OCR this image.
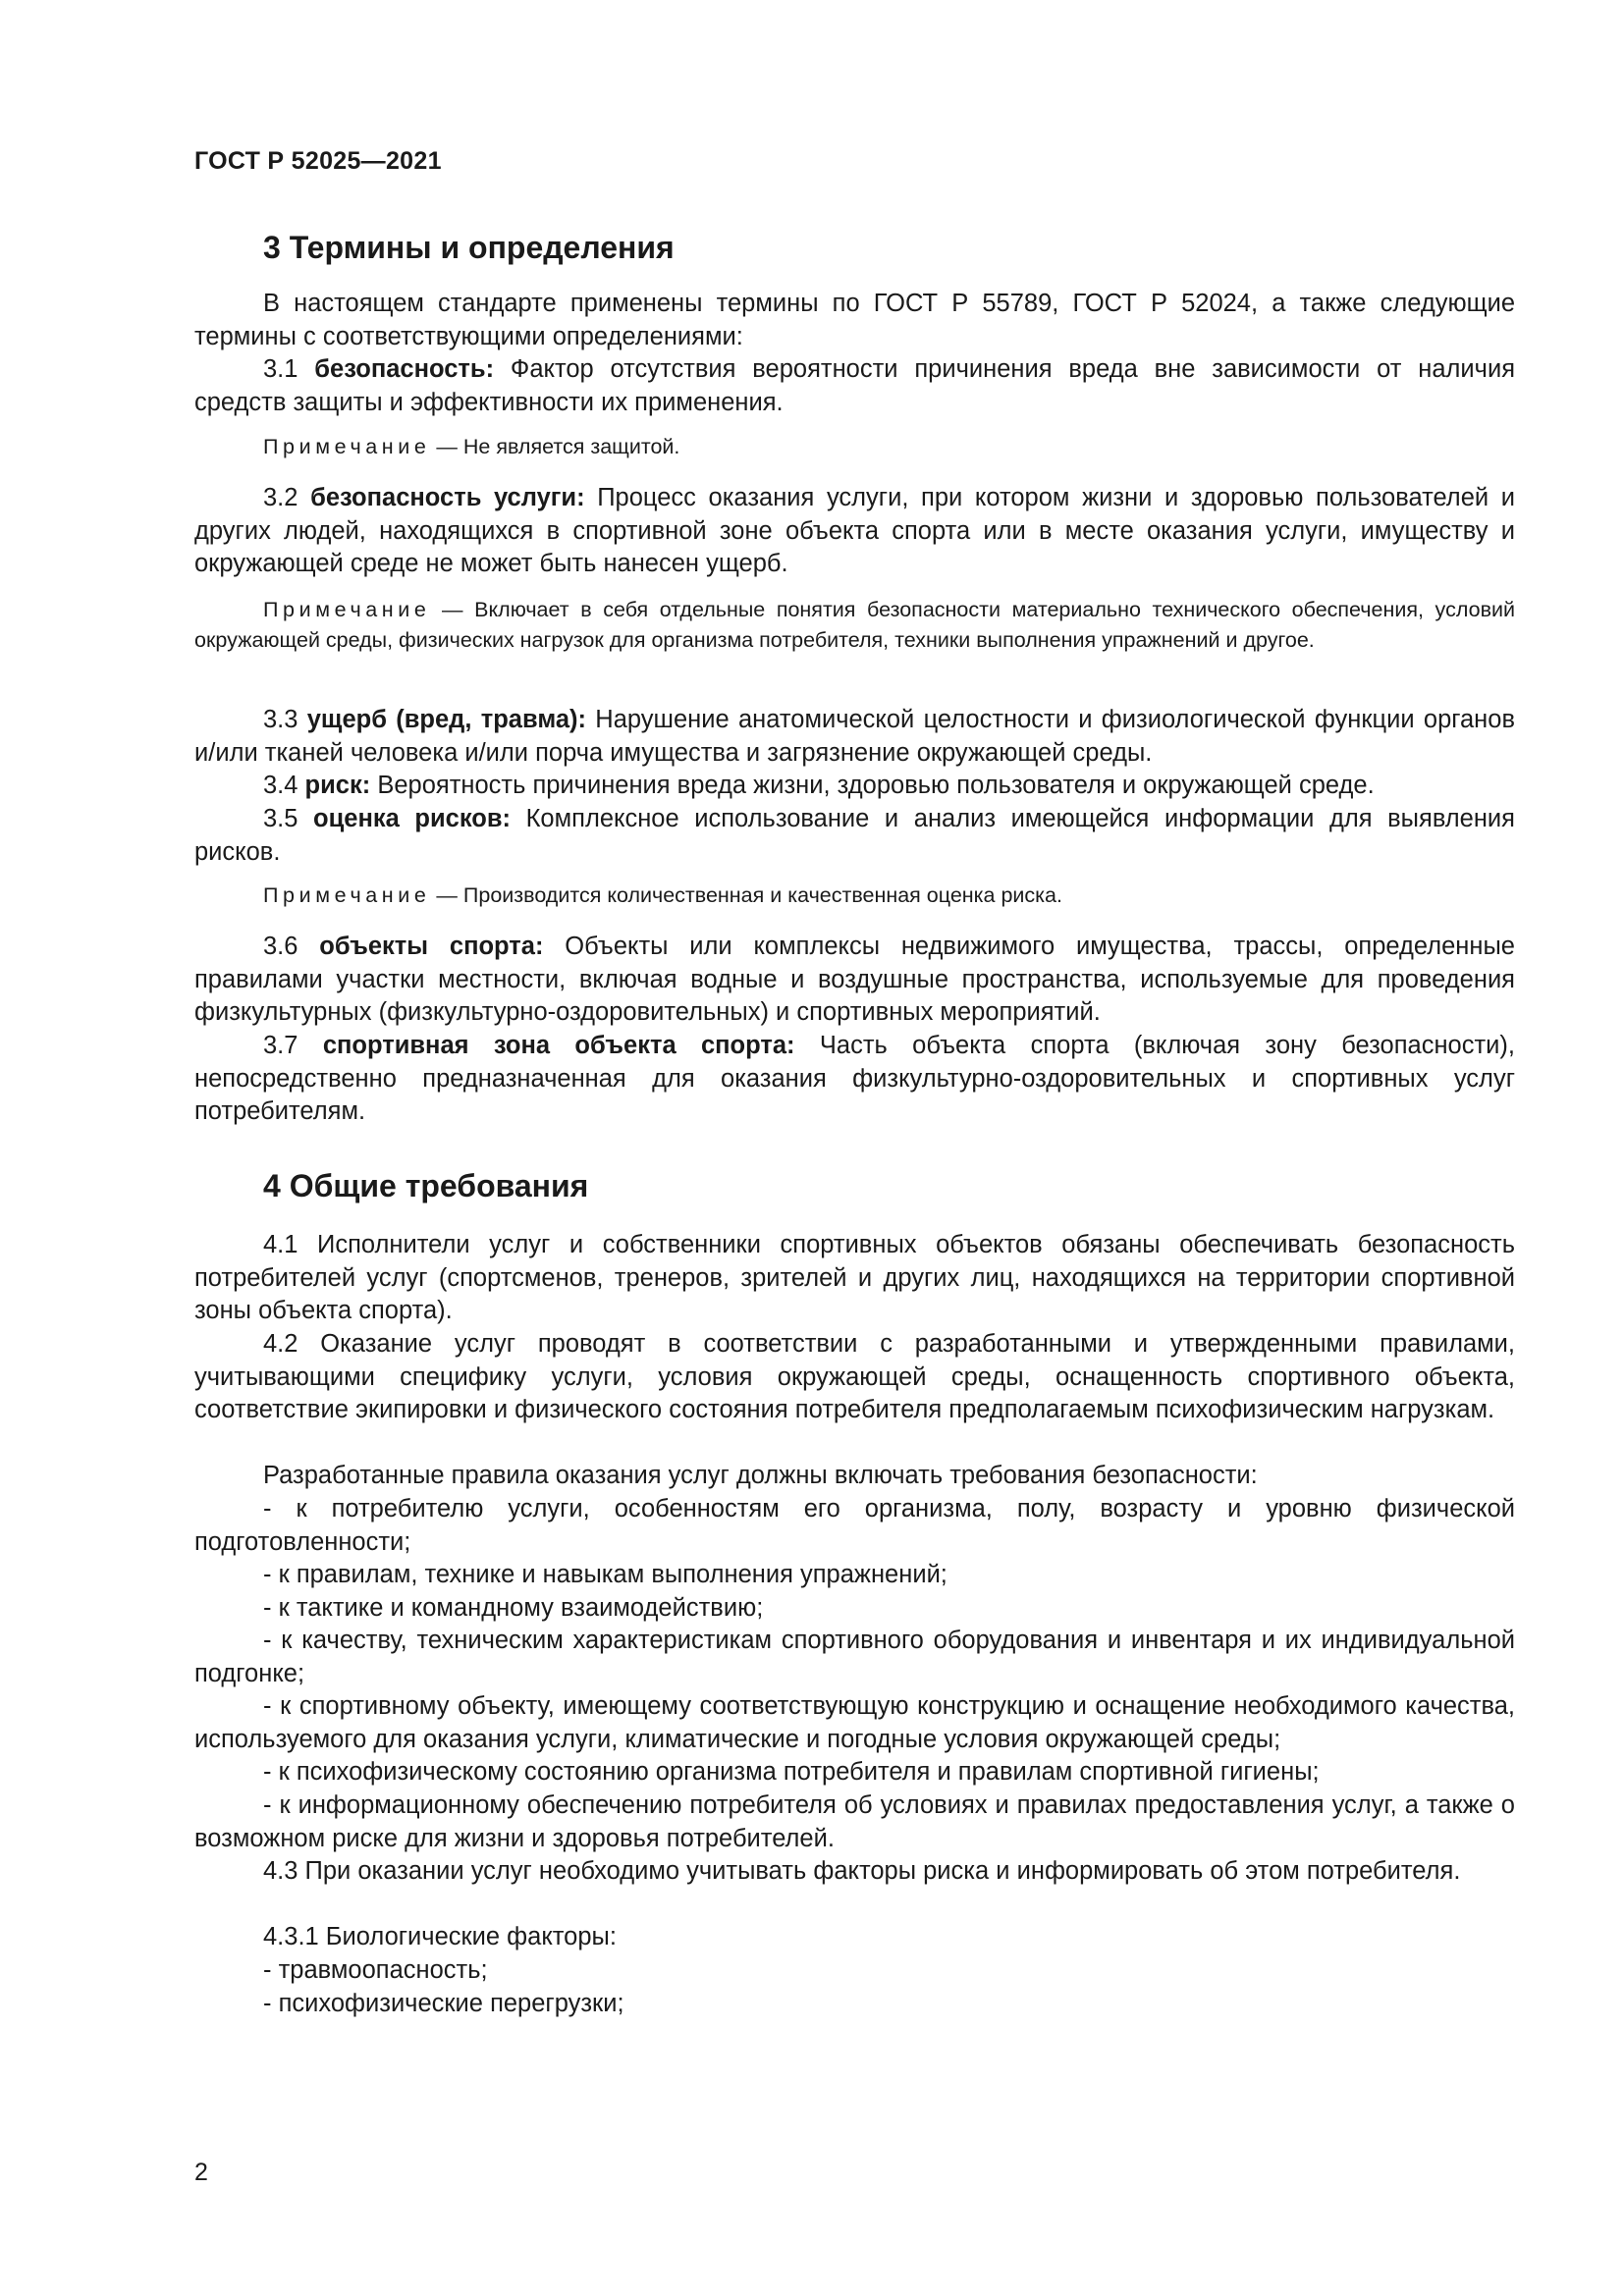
ГОСТ Р 52025—2021
3 Термины и определения

В настоящем стандарте применены термины по ГОСТ Р 55789, ГОСТ Р 52024, а также следующие термины с соответствующими определениями:

3.1 безопасность: Фактор отсутствия вероятности причинения вреда вне зависимости от наличия средств защиты и эффективности их применения.

Примечание — Не является защитой.

3.2 безопасность услуги: Процесс оказания услуги, при котором жизни и здоровью пользователей и других людей, находящихся в спортивной зоне объекта спорта или в месте оказания услуги, имуществу и окружающей среде не может быть нанесен ущерб.

Примечание — Включает в себя отдельные понятия безопасности материально технического обеспечения, условий окружающей среды, физических нагрузок для организма потребителя, техники выполнения упражнений и другое.

3.3 ущерб (вред, травма): Нарушение анатомической целостности и физиологической функции органов и/или тканей человека и/или порча имущества и загрязнение окружающей среды.

3.4 риск: Вероятность причинения вреда жизни, здоровью пользователя и окружающей среде.

3.5 оценка рисков: Комплексное использование и анализ имеющейся информации для выявления рисков.

Примечание — Производится количественная и качественная оценка риска.

3.6 объекты спорта: Объекты или комплексы недвижимого имущества, трассы, определенные правилами участки местности, включая водные и воздушные пространства, используемые для проведения физкультурных (физкультурно-оздоровительных) и спортивных мероприятий.

3.7 спортивная зона объекта спорта: Часть объекта спорта (включая зону безопасности), непосредственно предназначенная для оказания физкультурно-оздоровительных и спортивных услуг потребителям.

4 Общие требования

4.1 Исполнители услуг и собственники спортивных объектов обязаны обеспечивать безопасность потребителей услуг (спортсменов, тренеров, зрителей и других лиц, находящихся на территории спортивной зоны объекта спорта).

4.2 Оказание услуг проводят в соответствии с разработанными и утвержденными правилами, учитывающими специфику услуги, условия окружающей среды, оснащенность спортивного объекта, соответствие экипировки и физического состояния потребителя предполагаемым психофизическим нагрузкам.

Разработанные правила оказания услуг должны включать требования безопасности:

- к потребителю услуги, особенностям его организма, полу, возрасту и уровню физической подготовленности;

- к правилам, технике и навыкам выполнения упражнений;

- к тактике и командному взаимодействию;

- к качеству, техническим характеристикам спортивного оборудования и инвентаря и их индивидуальной подгонке;

- к спортивному объекту, имеющему соответствующую конструкцию и оснащение необходимого качества, используемого для оказания услуги, климатические и погодные условия окружающей среды;

- к психофизическому состоянию организма потребителя и правилам спортивной гигиены;

- к информационному обеспечению потребителя об условиях и правилах предоставления услуг, а также о возможном риске для жизни и здоровья потребителей.

4.3 При оказании услуг необходимо учитывать факторы риска и информировать об этом потребителя.

4.3.1 Биологические факторы:

- травмоопасность;

- психофизические перегрузки;

2
